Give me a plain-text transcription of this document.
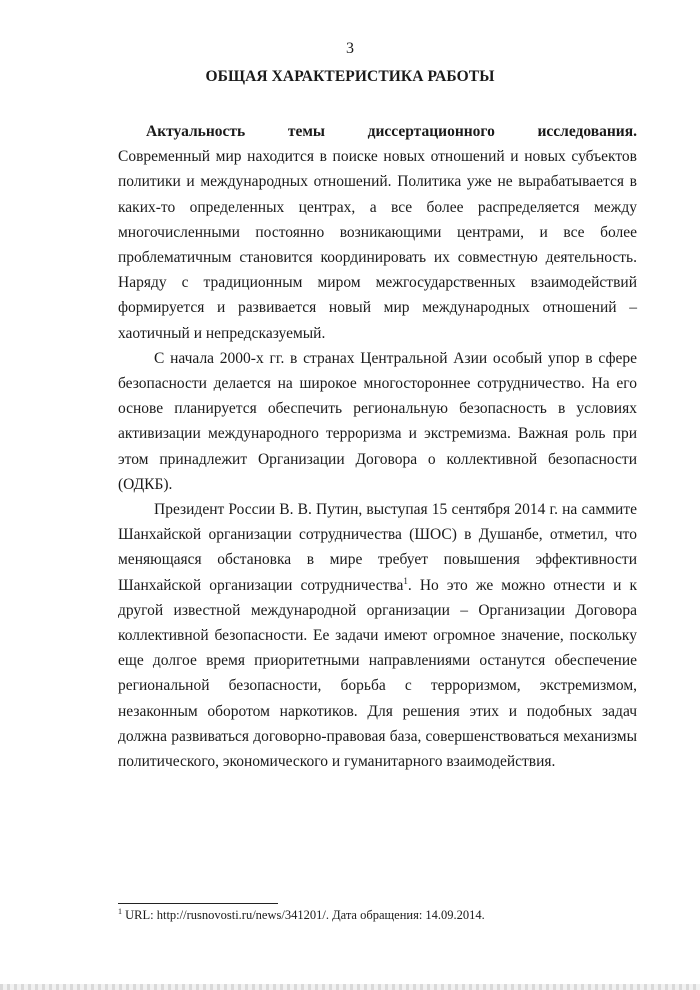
3
ОБЩАЯ ХАРАКТЕРИСТИКА РАБОТЫ
Актуальность	темы	диссертационного	исследования.

Современный мир находится в поиске новых отношений и новых субъектов политики и международных отношений. Политика уже не вырабатывается в каких-то определенных центрах, а все более распределяется между многочисленными постоянно возникающими центрами, и все более проблематичным становится координировать их совместную деятельность. Наряду с традиционным миром межгосударственных взаимодействий формируется и развивается новый мир международных отношений – хаотичный и непредсказуемый.

С начала 2000-х гг. в странах Центральной Азии особый упор в сфере безопасности делается на широкое многостороннее сотрудничество. На его основе планируется обеспечить региональную безопасность в условиях активизации международного терроризма и экстремизма. Важная роль при этом принадлежит Организации Договора о коллективной безопасности (ОДКБ).

Президент России В. В. Путин, выступая 15 сентября 2014 г. на саммите Шанхайской организации сотрудничества (ШОС) в Душанбе, отметил, что меняющаяся обстановка в мире требует повышения эффективности Шанхайской организации сотрудничества$^1$. Но это же можно отнести и к другой известной международной организации – Организации Договора коллективной безопасности. Ее задачи имеют огромное значение, поскольку еще долгое время приоритетными направлениями останутся обеспечение региональной безопасности, борьба с терроризмом, экстремизмом, незаконным оборотом наркотиков. Для решения этих и подобных задач должна развиваться договорно-правовая база, совершенствоваться механизмы политического, экономического и гуманитарного взаимодействия.

$^1$ URL: http://rusnovosti.ru/news/341201/. Дата обращения: 14.09.2014.
